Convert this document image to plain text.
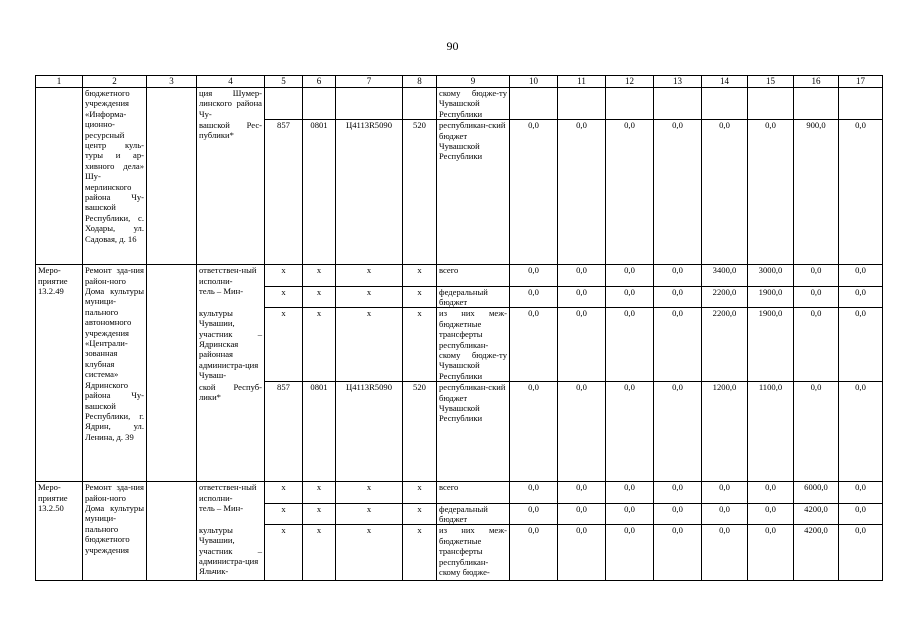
90
1	2	3	4	5	6	7	8	9	10	11	12	13	14	15	16	17
	бюджетного учреждения «Информа-ционно-ресурсный центр куль-туры и ар-хивного дела» Шу-мерлинского района Чу-вашской Республики, с. Ходары, ул. Садовая, д. 16		ция Шумер-линского района Чу-					скому бюдже-ту Чувашской Республики								
			вашской Рес-публики*	857	0801	Ц4113R5090	520	республикан-ский бюджет Чувашской Республики	0,0	0,0	0,0	0,0	0,0	0,0	900,0	0,0
Меро-приятие 13.2.49	Ремонт зда-ния район-ного Дома культуры муници-пального автономного учреждения «Централи-зованная клубная система» Ядринского района Чу-вашской Республики, г. Ядрин, ул. Ленина, д. 39		ответствен-ный исполни-	x	x	x	x	всего	0,0	0,0	0,0	0,0	3400,0	3000,0	0,0	0,0
			тель – Мин-	x	x	x	x	федеральный бюджет	0,0	0,0	0,0	0,0	2200,0	1900,0	0,0	0,0
			культуры Чувашии, участник – Ядринская районная администра-ция Чуваш-	x	x	x	x	из них меж-бюджетные трансферты республикан-скому бюдже-ту Чувашской Республики	0,0	0,0	0,0	0,0	2200,0	1900,0	0,0	0,0
			ской Респуб-лики*	857	0801	Ц4113R5090	520	республикан-ский бюджет Чувашской Республики	0,0	0,0	0,0	0,0	1200,0	1100,0	0,0	0,0
Меро-приятие 13.2.50	Ремонт зда-ния район-ного Дома культуры муници-пального бюджетного учреждения		ответствен-ный исполни-	x	x	x	x	всего	0,0	0,0	0,0	0,0	0,0	0,0	6000,0	0,0
			тель – Мин-	x	x	x	x	федеральный бюджет	0,0	0,0	0,0	0,0	0,0	0,0	4200,0	0,0
			культуры Чувашии, участник – администра-ция Яльчик-	x	x	x	x	из них меж-бюджетные трансферты республикан-скому бюдже-	0,0	0,0	0,0	0,0	0,0	0,0	4200,0	0,0
